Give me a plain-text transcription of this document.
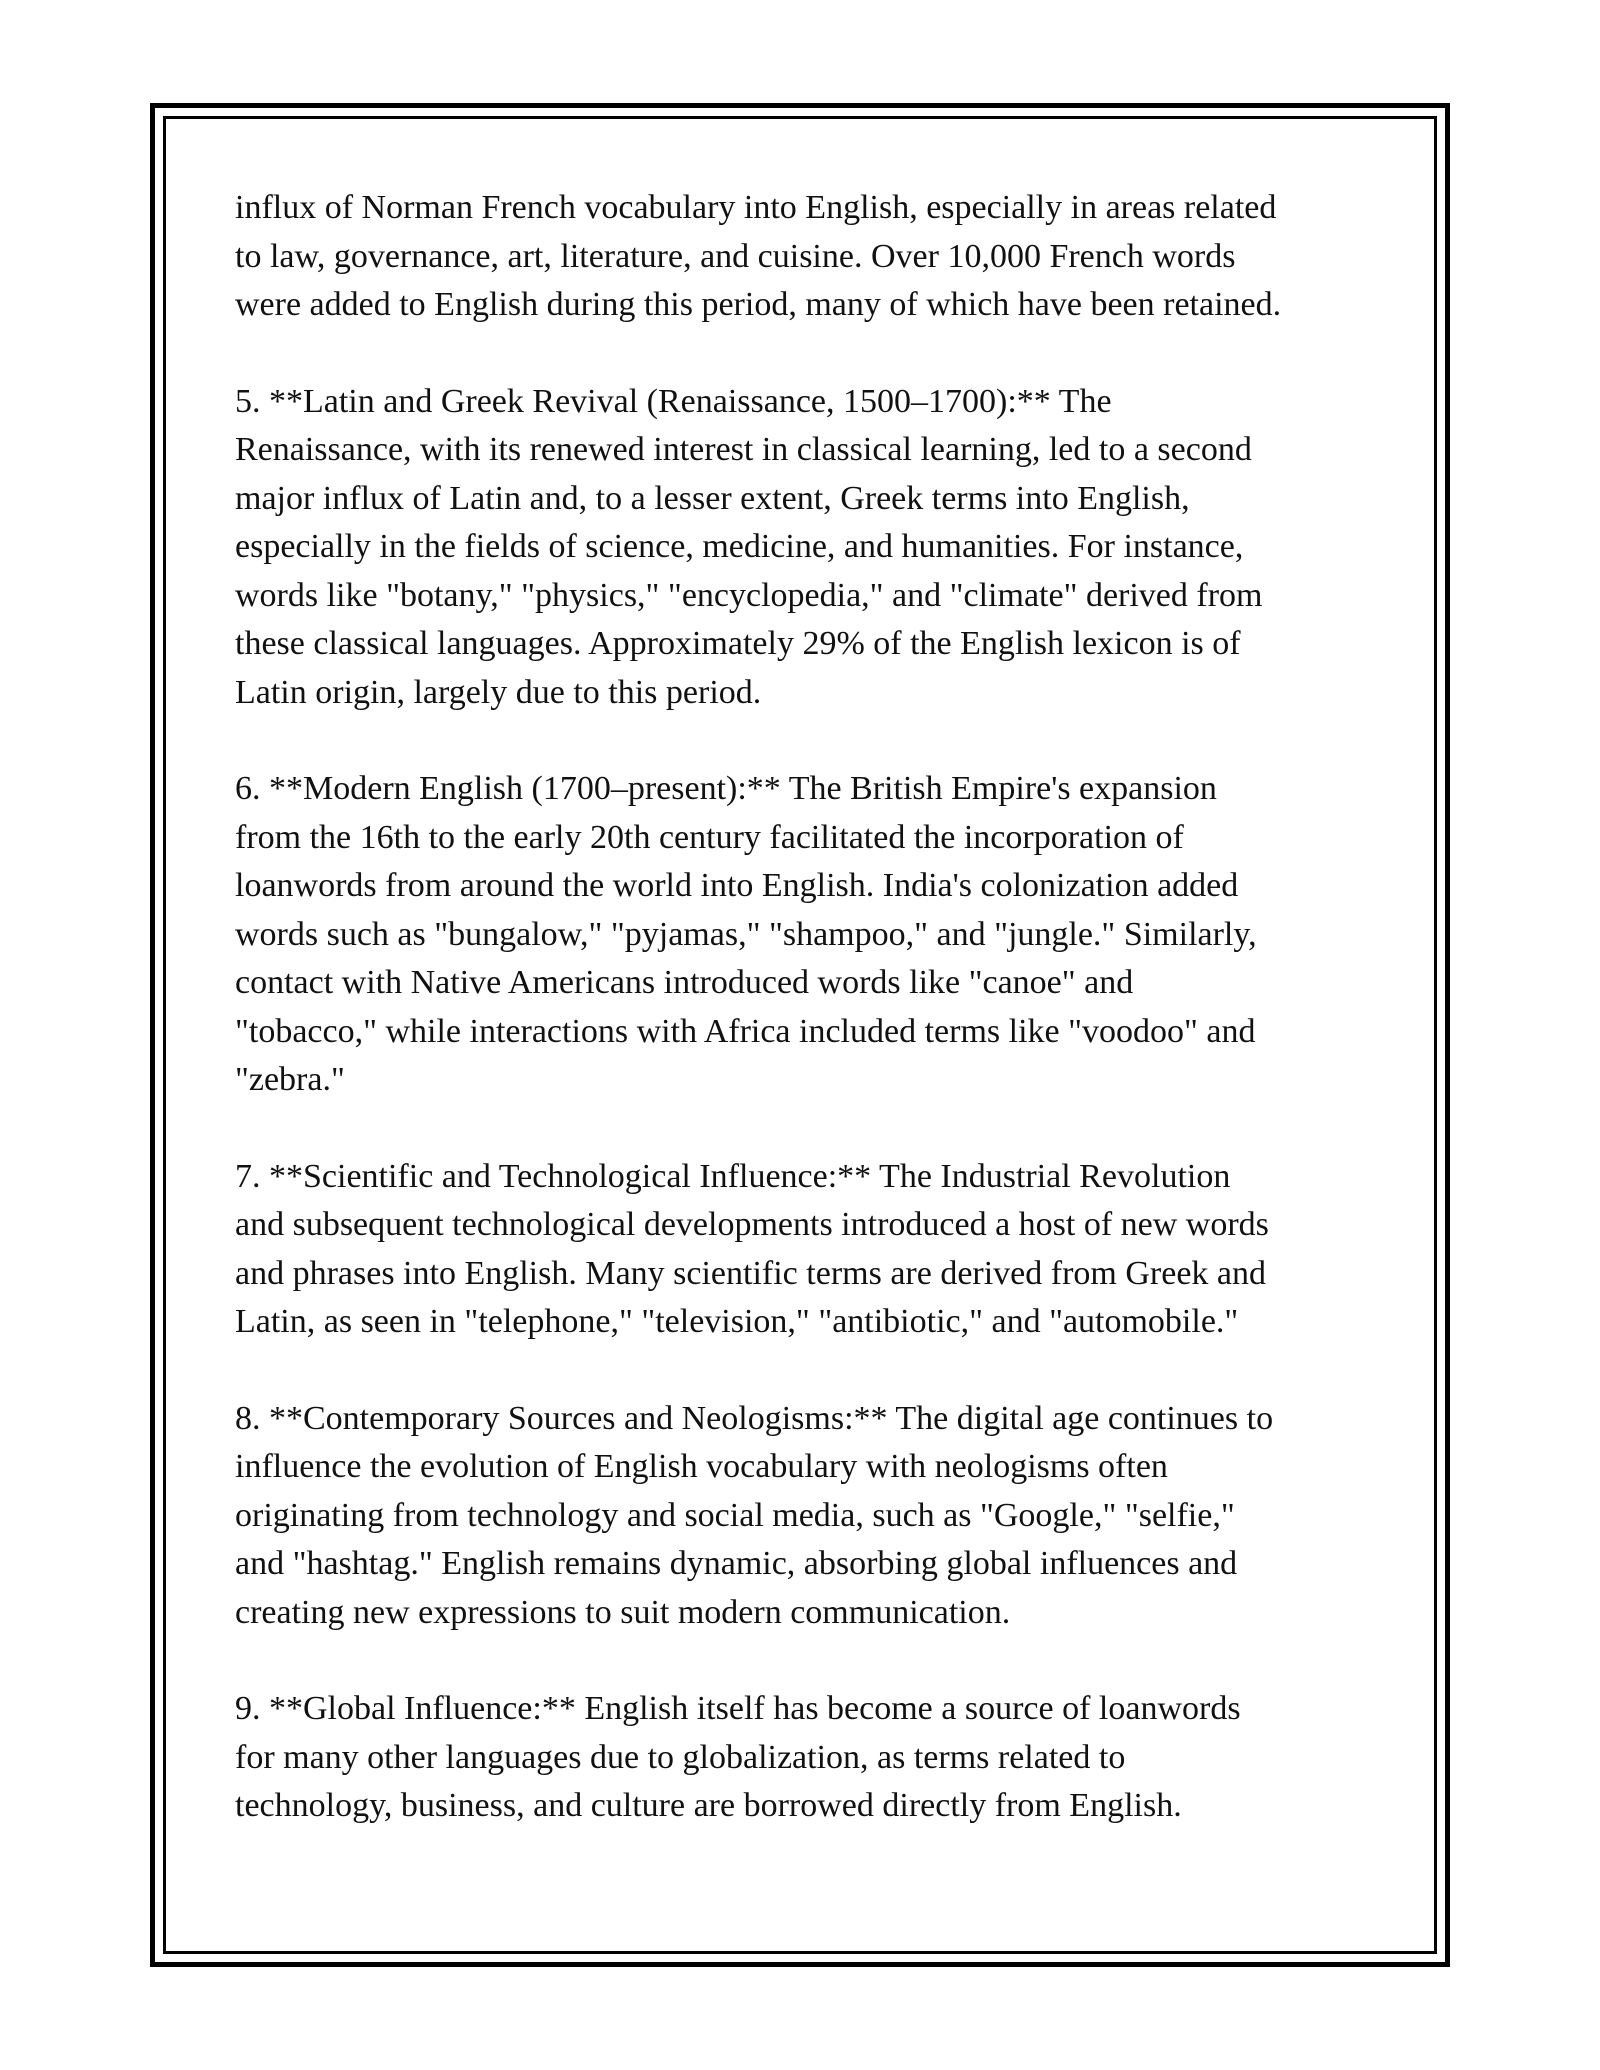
influx of Norman French vocabulary into English, especially in areas related
to law, governance, art, literature, and cuisine. Over 10,000 French words
were added to English during this period, many of which have been retained.

5. **Latin and Greek Revival (Renaissance, 1500–1700):** The
Renaissance, with its renewed interest in classical learning, led to a second
major influx of Latin and, to a lesser extent, Greek terms into English,
especially in the fields of science, medicine, and humanities. For instance,
words like "botany," "physics," "encyclopedia," and "climate" derived from
these classical languages. Approximately 29% of the English lexicon is of
Latin origin, largely due to this period.

6. **Modern English (1700–present):** The British Empire's expansion
from the 16th to the early 20th century facilitated the incorporation of
loanwords from around the world into English. India's colonization added
words such as "bungalow," "pyjamas," "shampoo," and "jungle." Similarly,
contact with Native Americans introduced words like "canoe" and
"tobacco," while interactions with Africa included terms like "voodoo" and
"zebra."

7. **Scientific and Technological Influence:** The Industrial Revolution
and subsequent technological developments introduced a host of new words
and phrases into English. Many scientific terms are derived from Greek and
Latin, as seen in "telephone," "television," "antibiotic," and "automobile."

8. **Contemporary Sources and Neologisms:** The digital age continues to
influence the evolution of English vocabulary with neologisms often
originating from technology and social media, such as "Google," "selfie,"
and "hashtag." English remains dynamic, absorbing global influences and
creating new expressions to suit modern communication.

9. **Global Influence:** English itself has become a source of loanwords
for many other languages due to globalization, as terms related to
technology, business, and culture are borrowed directly from English.
